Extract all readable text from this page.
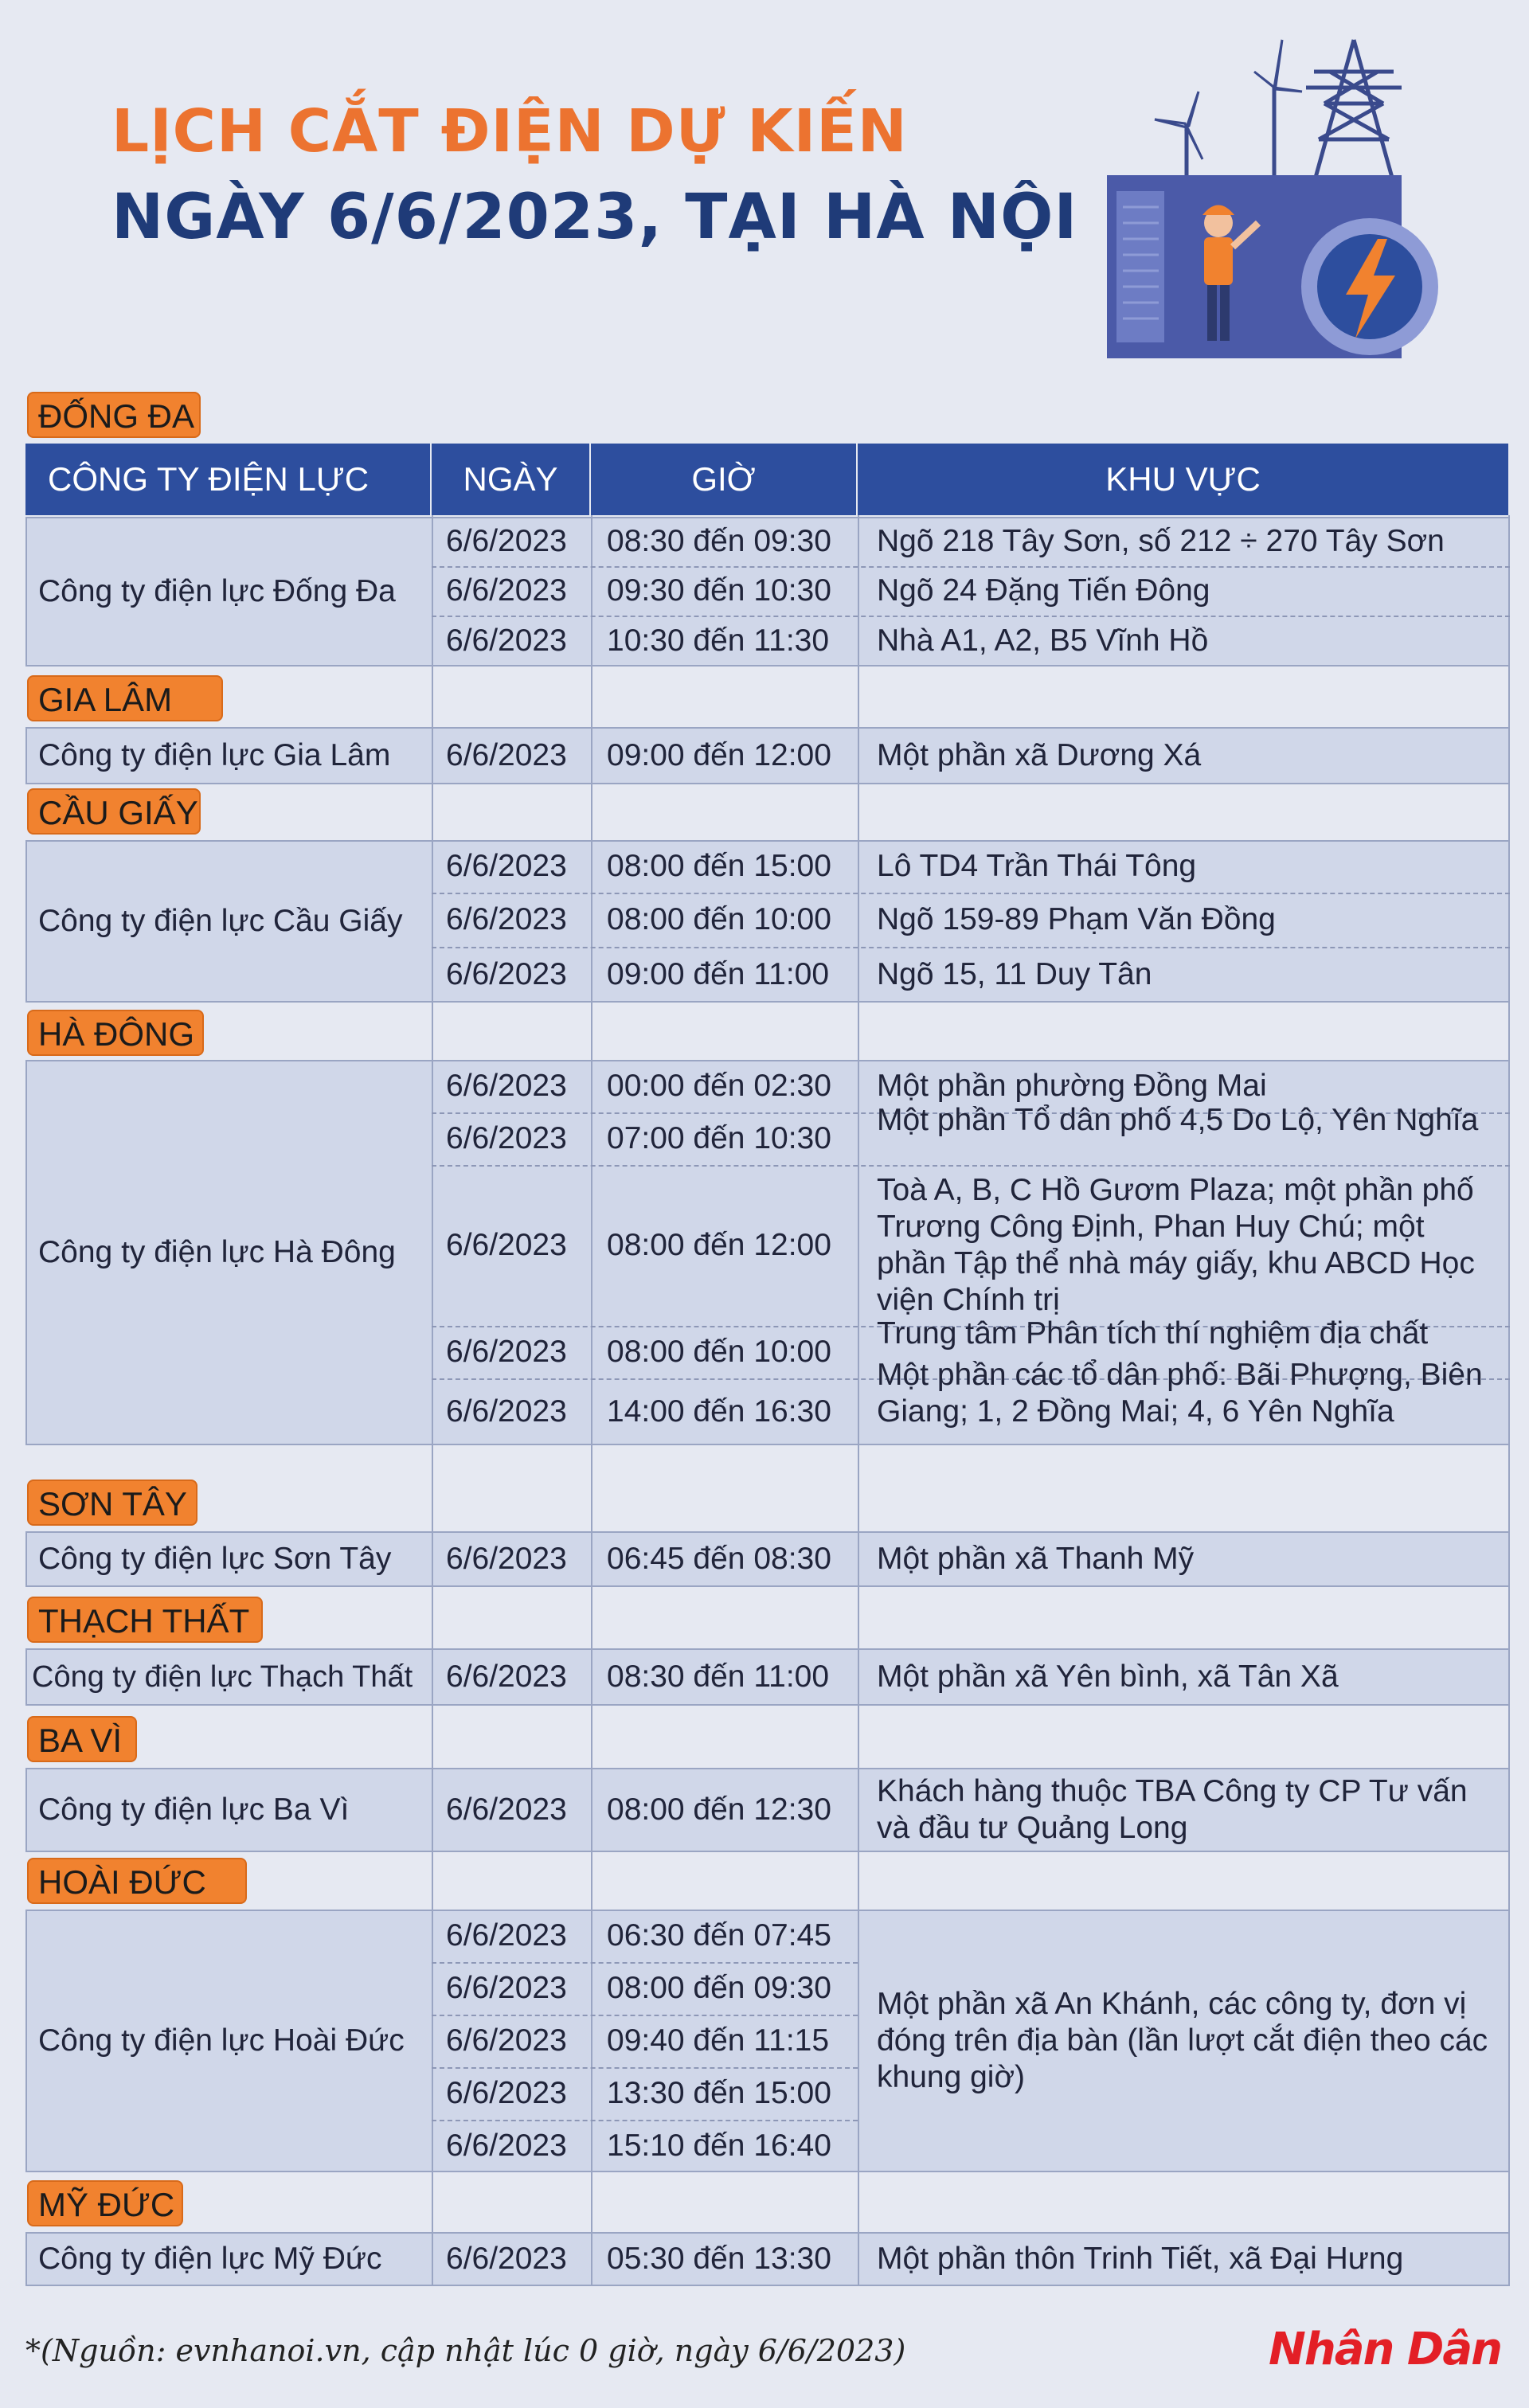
LỊCH CẮT ĐIỆN DỰ KIẾN
NGÀY 6/6/2023, TẠI HÀ NỘI
CÔNG TY ĐIỆN LỰC	NGÀY	GIỜ	KHU VỰC
ĐỐNG ĐA
Công ty điện lực Đống Đa
6/6/2023 08:30 đến 09:30 Ngõ 218 Tây Sơn, số 212 ÷ 270 Tây Sơn
6/6/2023 09:30 đến 10:30 Ngõ 24 Đặng Tiến Đông
6/6/2023 10:30 đến 11:30 Nhà A1, A2, B5 Vĩnh Hồ
GIA LÂM
Công ty điện lực Gia Lâm 6/6/2023 09:00 đến 12:00 Một phần xã Dương Xá
CẦU GIẤY
Công ty điện lực Cầu Giấy
6/6/2023 08:00 đến 15:00 Lô TD4 Trần Thái Tông
6/6/2023 08:00 đến 10:00 Ngõ 159-89 Phạm Văn Đồng
6/6/2023 09:00 đến 11:00 Ngõ 15, 11 Duy Tân
HÀ ĐÔNG
Công ty điện lực Hà Đông
6/6/2023 00:00 đến 02:30 Một phần phường Đồng Mai
6/6/2023 07:00 đến 10:30
Một phần Tổ dân phố 4,5 Do Lộ, Yên Nghĩa
6/6/2023 08:00 đến 12:00
Toà A, B, C Hồ Gươm Plaza; một phần phố Trương Công Định, Phan Huy Chú; một phần Tập thể nhà máy giấy, khu ABCD Học viện Chính trị
6/6/2023 08:00 đến 10:00
Trung tâm Phân tích thí nghiệm địa chất
6/6/2023 14:00 đến 16:30
Một phần các tổ dân phố: Bãi Phượng, Biên Giang; 1, 2 Đồng Mai; 4, 6 Yên Nghĩa
SƠN TÂY
Công ty điện lực Sơn Tây 6/6/2023 06:45 đến 08:30 Một phần xã Thanh Mỹ
THẠCH THẤT
Công ty điện lực Thạch Thất 6/6/2023 08:30 đến 11:00 Một phần xã Yên bình, xã Tân Xã
BA VÌ
Công ty điện lực Ba Vì	6/6/2023 08:00 đến 12:30
Khách hàng thuộc TBA Công ty CP Tư vấn và đầu tư Quảng Long
HOÀI ĐỨC
Công ty điện lực Hoài Đức
6/6/2023 06:30 đến 07:45
6/6/2023 08:00 đến 09:30
6/6/2023 09:40 đến 11:15
6/6/2023 13:30 đến 15:00
6/6/2023 15:10 đến 16:40
Một phần xã An Khánh, các công ty, đơn vị đóng trên địa bàn (lần lượt cắt điện theo các khung giờ)
MỸ ĐỨC
Công ty điện lực Mỹ Đức 6/6/2023 05:30 đến 13:30 Một phần thôn Trinh Tiết, xã Đại Hưng
*(Nguồn: evnhanoi.vn, cập nhật lúc 0 giờ, ngày 6/6/2023)	Nhân Dân
